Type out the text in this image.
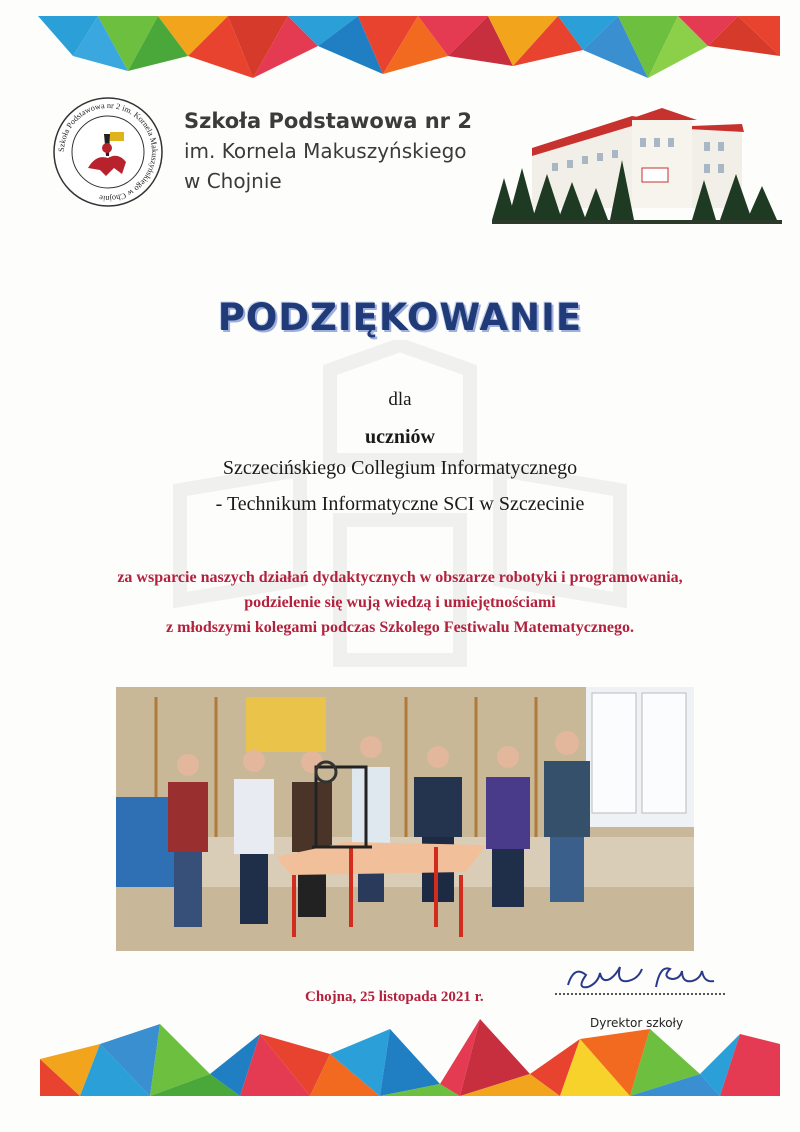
Szkoła Podstawowa nr 2 im. Kornela Makuszyńskiego w Chojnie
Szkoła Podstawowa nr 2
im. Kornela Makuszyńskiego
w Chojnie
PODZIĘKOWANIE
dla
uczniów
Szczecińskiego Collegium Informatycznego
- Technikum Informatyczne SCI w Szczecinie
za wsparcie naszych działań dydaktycznych w obszarze robotyki i programowania,
podzielenie się wują wiedzą i umiejętnościami
z młodszymi kolegami podczas Szkolego Festiwalu Matematycznego.
Chojna, 25 listopada 2021 r.
Dyrektor szkoły
